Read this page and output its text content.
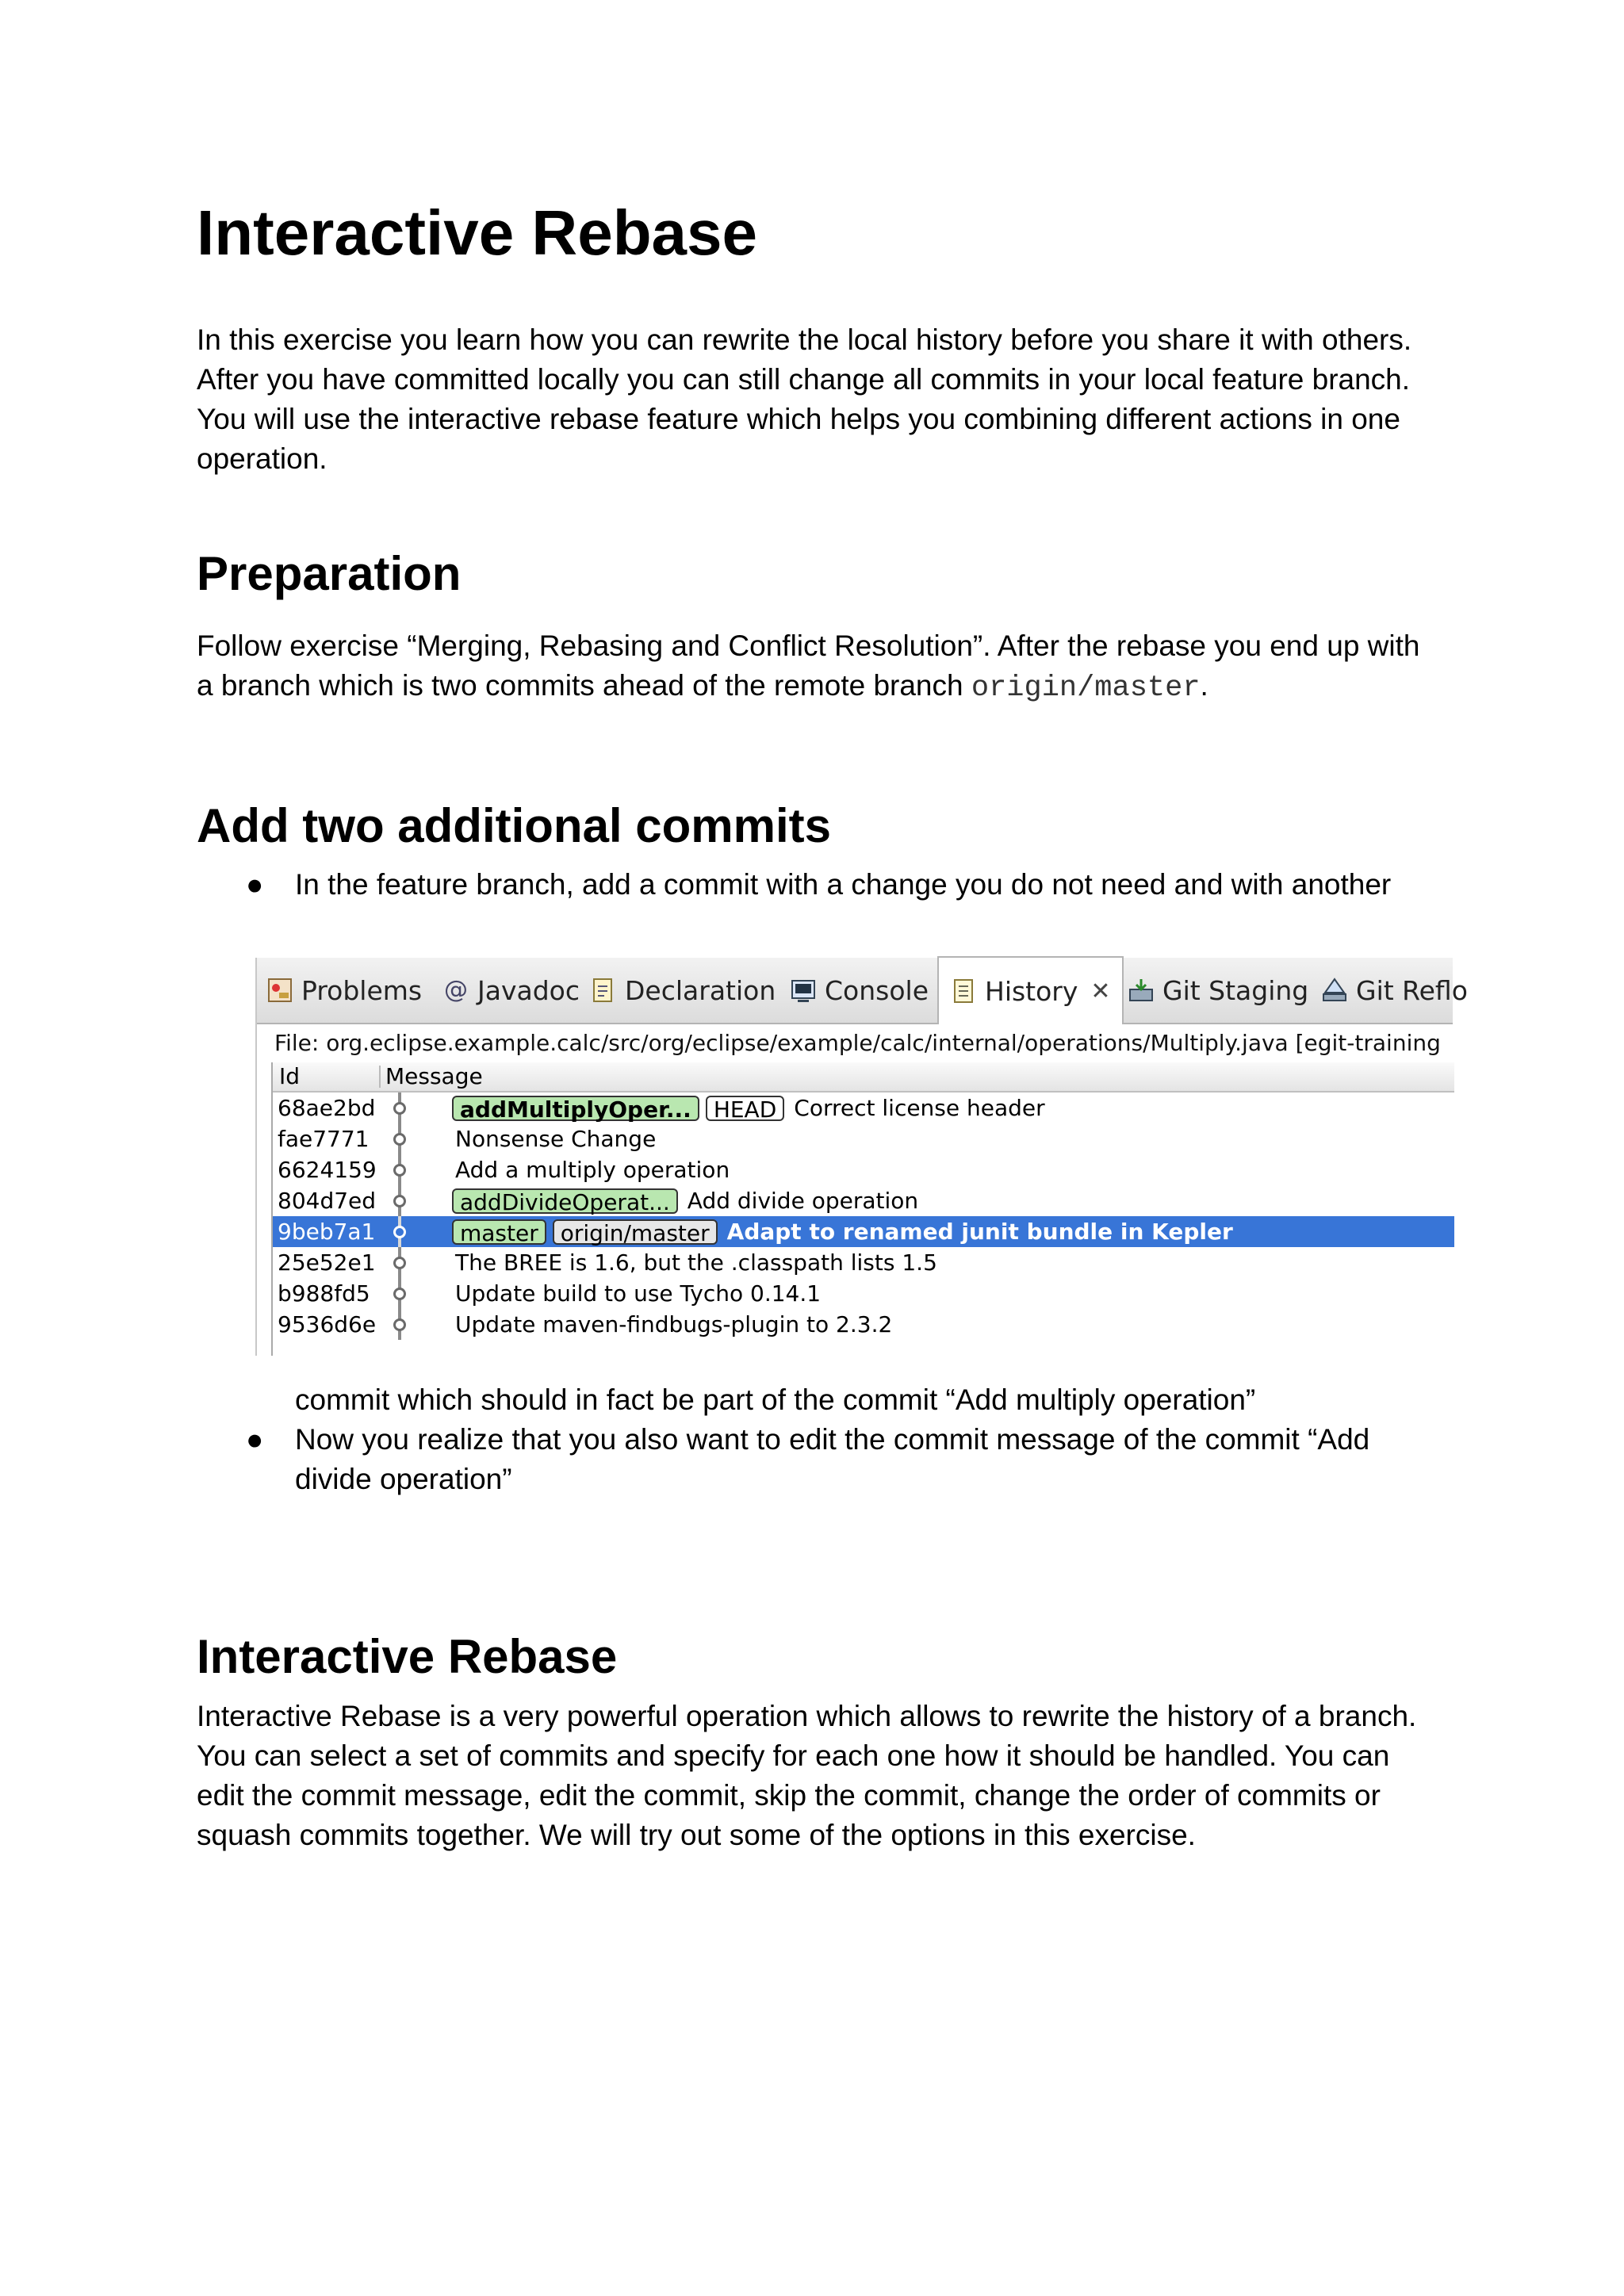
Interactive Rebase

In this exercise you learn how you can rewrite the local history before you share it with others. After you have committed locally you can still change all commits in your local feature branch. You will use the interactive rebase feature which helps you combining different actions in one operation.

Preparation

Follow exercise “Merging, Rebasing and Conflict Resolution”. After the rebase you end up with a branch which is two commits ahead of the remote branch origin/master.

Add two additional commits
● In the feature branch, add a commit with a change you do not need and with another
commit which should in fact be part of the commit “Add multiply operation”
● Now you realize that you also want to edit the commit message of the commit “Add divide operation”
Interactive Rebase

Interactive Rebase is a very powerful operation which allows to rewrite the history of a branch. You can select a set of commits and specify for each one how it should be handled. You can edit the commit message, edit the commit, skip the commit, change the order of commits or squash commits together. We will try out some of the options in this exercise.

Problems @ Javadoc Declaration Console History ✕ Git Staging Git Reflo
File: org.eclipse.example.calc/src/org/eclipse/example/calc/internal/operations/Multiply.java [egit-training
Id	Message
68ae2bd	addMultiplyOper...	HEAD Correct license header
fae7771	Nonsense Change
6624159	Add a multiply operation
804d7ed	addDivideOperat... Add divide operation
9beb7a1	master	origin/master Adapt to renamed junit bundle in Kepler
25e52e1	The BREE is 1.6, but the .classpath lists 1.5
b988fd5	Update build to use Tycho 0.14.1
9536d6e	Update maven-findbugs-plugin to 2.3.2
